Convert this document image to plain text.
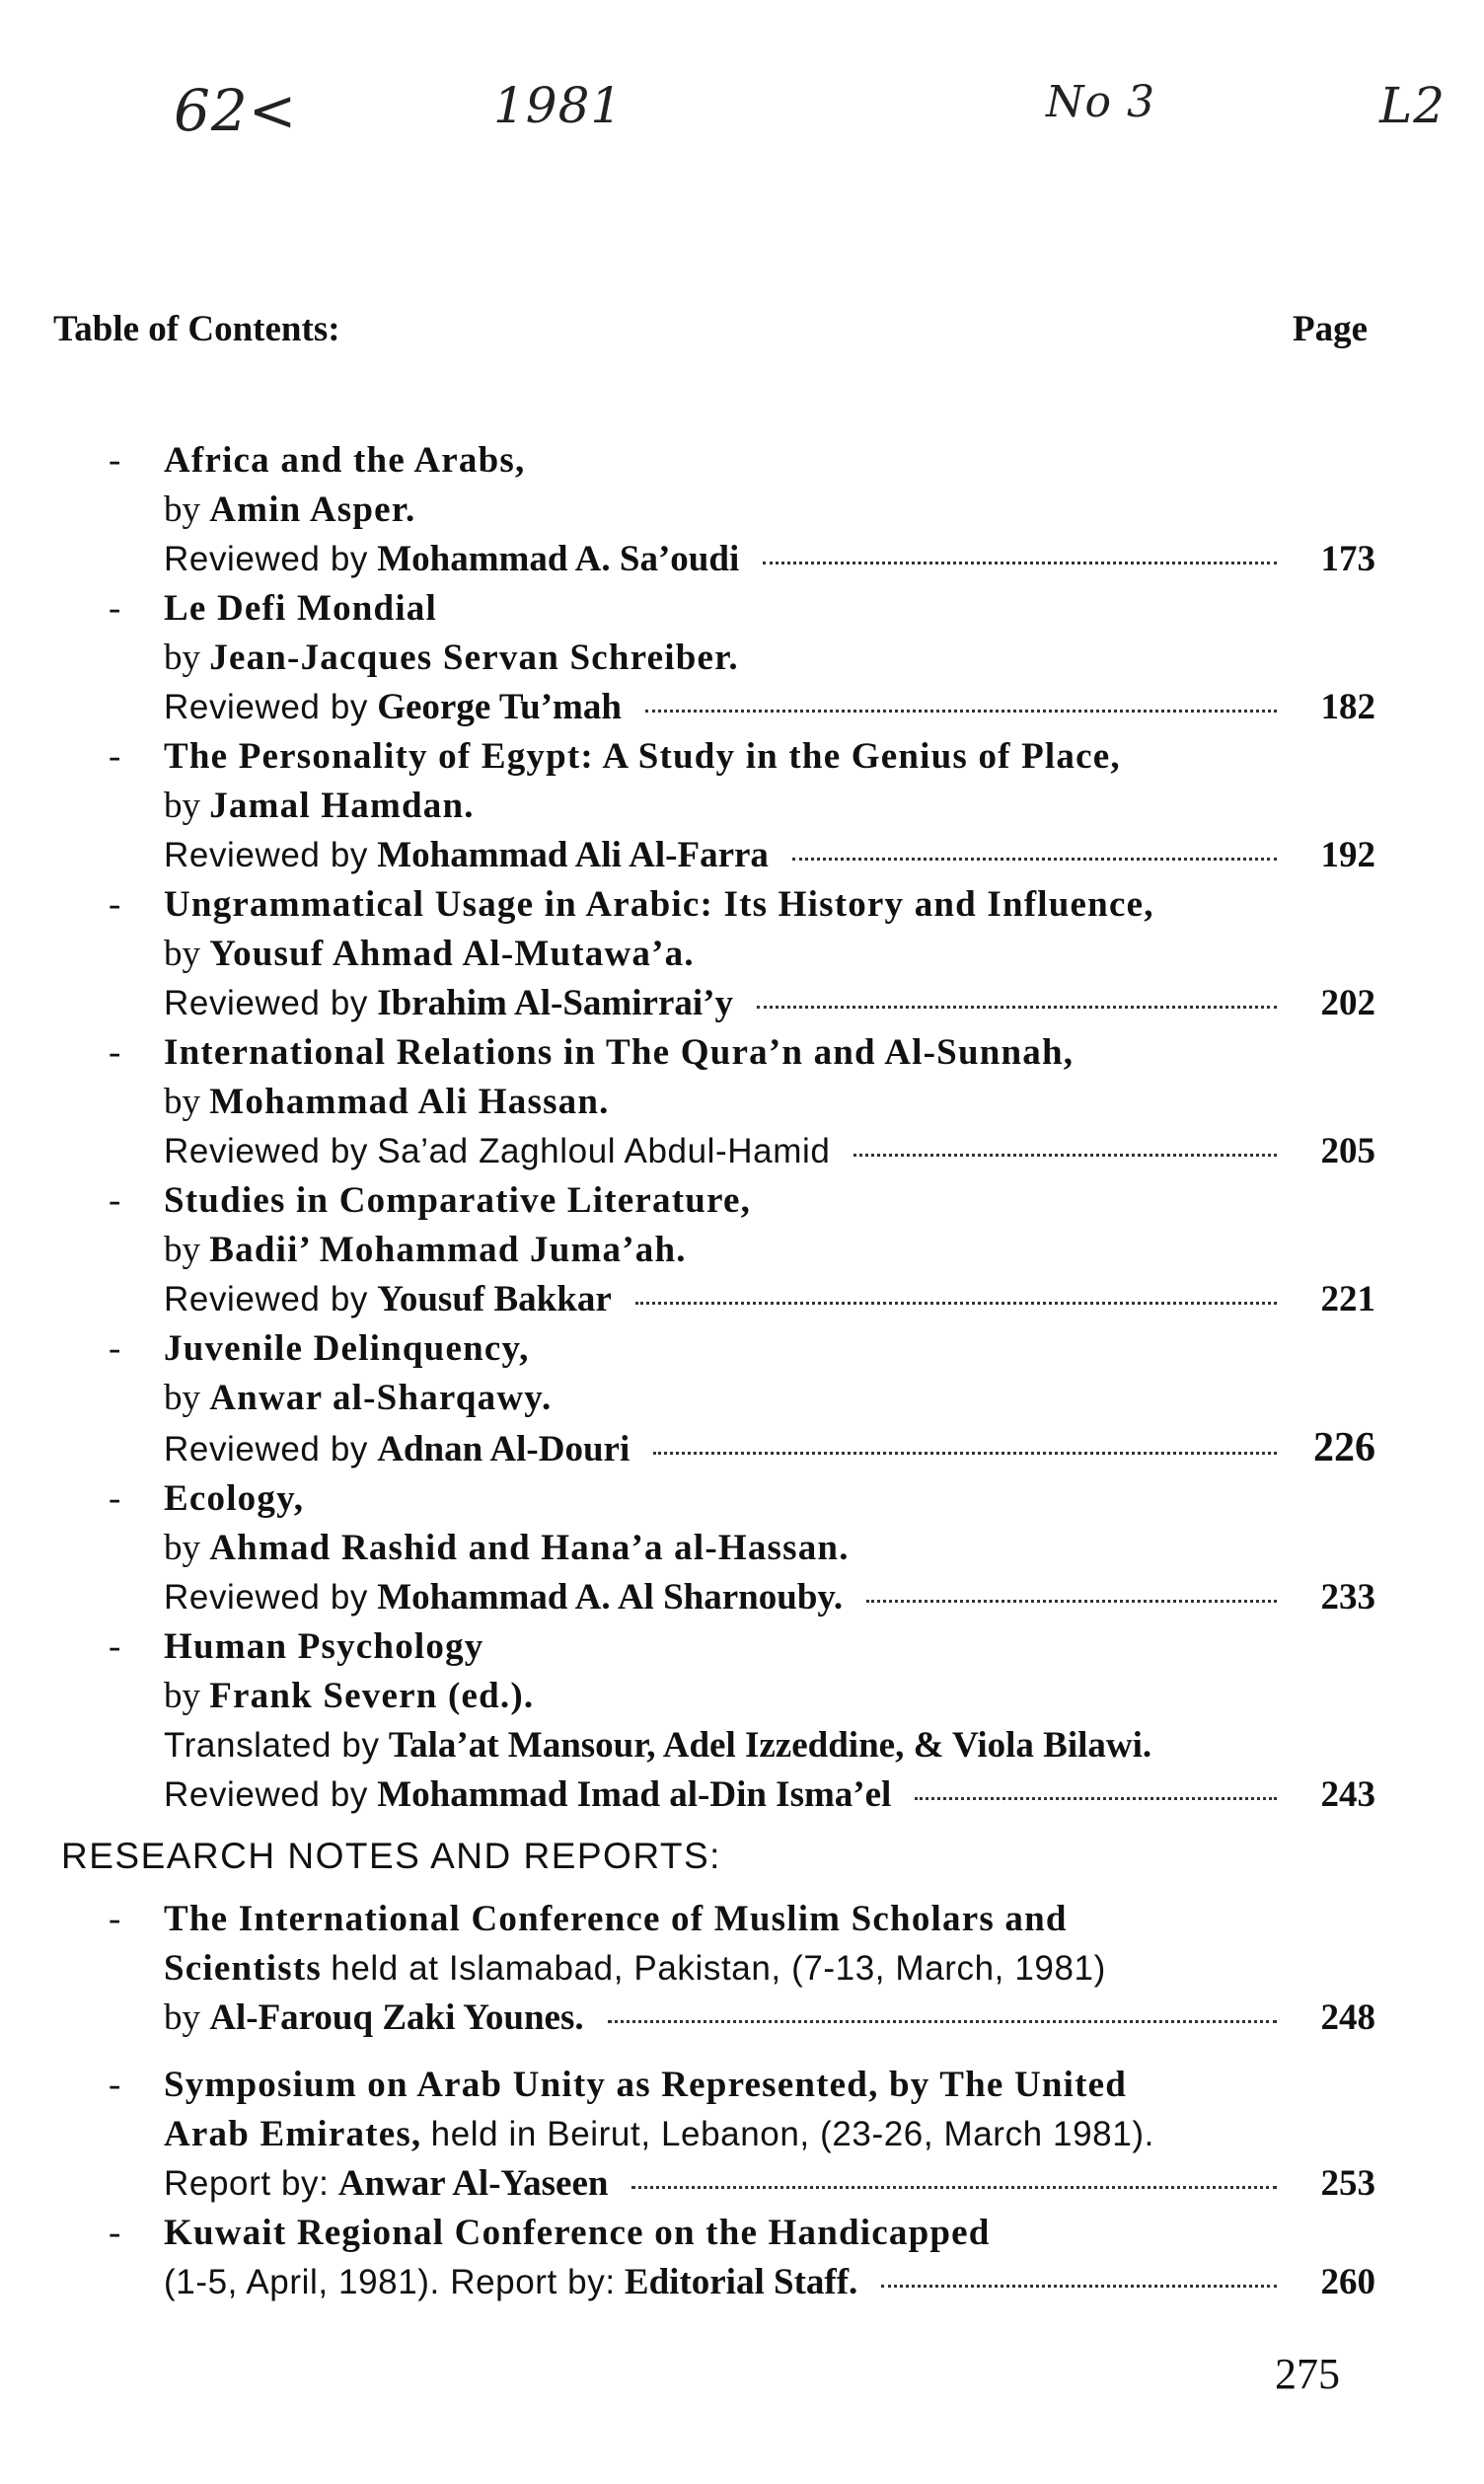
62<	1981	No 3	L2
Table of Contents:	Page
- Africa and the Arabs,
by Amin Asper.
Reviewed by
Mohammad A. Sa’oudi	173
- Le Defi Mondial
by Jean-Jacques Servan Schreiber.
Reviewed by
George Tu’mah	182
- The Personality of Egypt: A Study in the Genius of Place,
by Jamal Hamdan.
Reviewed by
Mohammad Ali Al-Farra	192
- Ungrammatical Usage in Arabic: Its History and Influence,
by Yousuf Ahmad Al-Mutawa’a.
Reviewed by
Ibrahim Al-Samirrai’y	202
- International Relations in The Qura’n and Al-Sunnah,
by Mohammad Ali Hassan.
Reviewed by
Sa’ad Zaghloul Abdul-Hamid	205
- Studies in Comparative Literature,
by Badii’ Mohammad Juma’ah.
Reviewed by
Yousuf Bakkar	221
- Juvenile Delinquency,
by Anwar al-Sharqawy.
Reviewed by
Adnan Al-Douri	226
- Ecology,
by Ahmad Rashid and Hana’a al-Hassan.
Reviewed by
Mohammad A. Al Sharnouby.	233
- Human Psychology
by Frank Severn (ed.).
Translated by Tala’at Mansour, Adel Izzeddine, & Viola Bilawi.
Reviewed by
Mohammad Imad al-Din Isma’el	243
RESEARCH NOTES AND REPORTS:
- The International Conference of Muslim Scholars and
Scientists held at Islamabad, Pakistan, (7-13, March, 1981)
by
Al-Farouq Zaki Younes.	248
- Symposium on Arab Unity as Represented, by The United
Arab Emirates, held in Beirut, Lebanon, (23-26, March 1981).
Report by:
Anwar Al-Yaseen	253
- Kuwait Regional Conference on the Handicapped
(1-5, April, 1981). Report by:
Editorial Staff.	260
275
